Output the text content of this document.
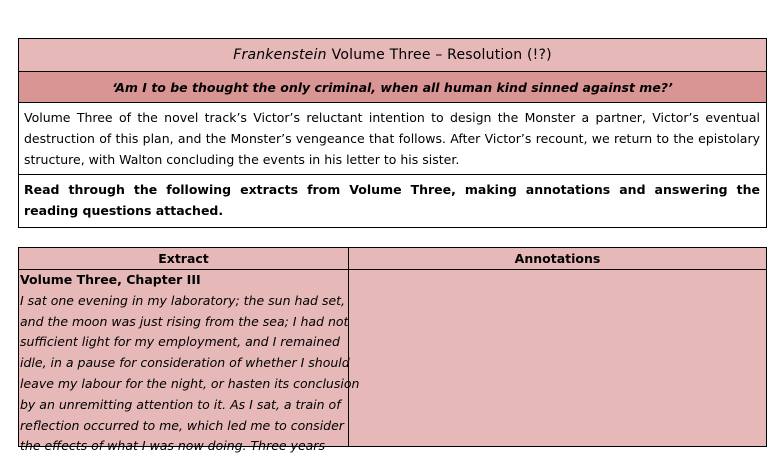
Frankenstein Volume Three – Resolution (!?)
‘Am I to be thought the only criminal, when all human kind sinned against me?’
Volume Three of the novel track’s Victor’s reluctant intention to design the Monster a partner, Victor’s eventual destruction of this plan, and the Monster’s vengeance that follows. After Victor’s recount, we return to the epistolary structure, with Walton concluding the events in his letter to his sister.
Read through the following extracts from Volume Three, making annotations and answering the reading questions attached.
Extract	Annotations
Volume Three, Chapter III
I sat one evening in my laboratory; the sun had set,
and the moon was just rising from the sea; I had not
sufficient light for my employment, and I remained
idle, in a pause for consideration of whether I should
leave my labour for the night, or hasten its conclusion
by an unremitting attention to it. As I sat, a train of
reflection occurred to me, which led me to consider
the effects of what I was now doing. Three years
